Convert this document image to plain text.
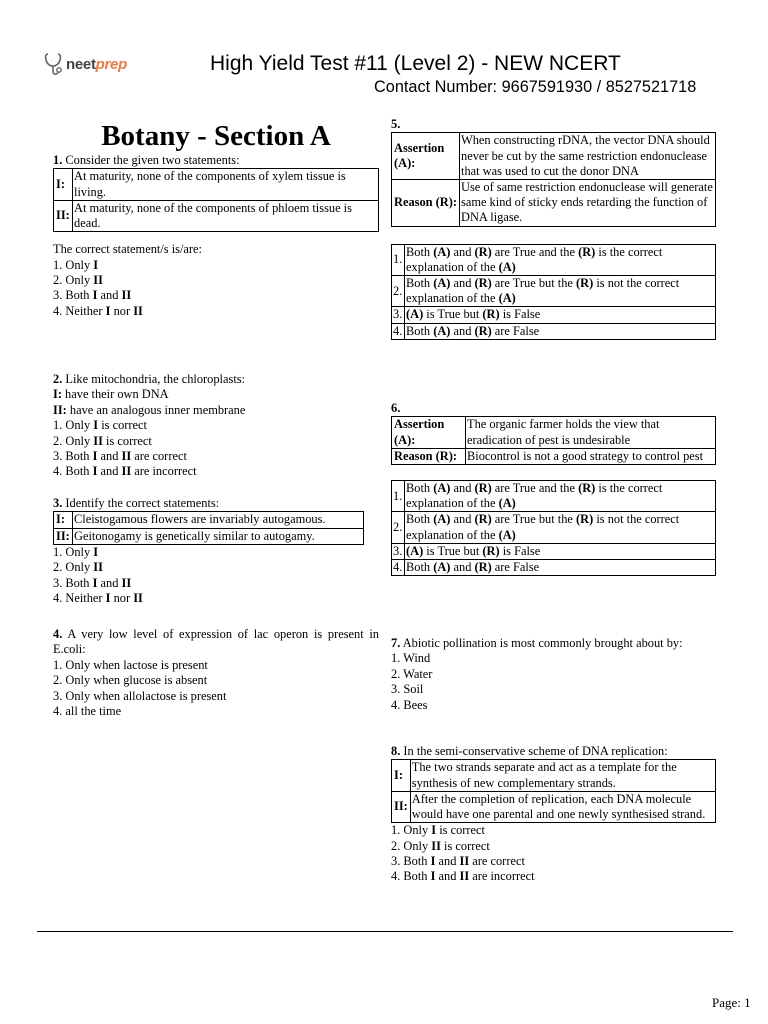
neetprep	High Yield Test #11 (Level 2) - NEW NCERT
Contact Number: 9667591930 / 8527521718
Botany - Section A
1. Consider the given two statements:
I:	At maturity, none of the components of xylem tissue is living.
II:	At maturity, none of the components of phloem tissue is dead.
The correct statement/s is/are:
1. Only I
2. Only II
3. Both I and II
4. Neither I nor II
2. Like mitochondria, the chloroplasts:
I: have their own DNA
II: have an analogous inner membrane
1. Only I is correct
2. Only II is correct
3. Both I and II are correct
4. Both I and II are incorrect
3. Identify the correct statements:
I:	Cleistogamous flowers are invariably autogamous.
II:	Geitonogamy is genetically similar to autogamy.
1. Only I
2. Only II
3. Both I and II
4. Neither I nor II
4. A very low level of expression of lac operon is present in E.coli:
1. Only when lactose is present
2. Only when glucose is absent
3. Only when allolactose is present
4. all the time
5.
Assertion (A):	When constructing rDNA, the vector DNA should never be cut by the same restriction endonuclease that was used to cut the donor DNA
Reason (R):	Use of same restriction endonuclease will generate same kind of sticky ends retarding the function of DNA ligase.
1.	Both (A) and (R) are True and the (R) is the correct explanation of the (A)
2.	Both (A) and (R) are True but the (R) is not the correct explanation of the (A)
3.	(A) is True but (R) is False
4.	Both (A) and (R) are False
6.
Assertion (A):	The organic farmer holds the view that eradication of pest is undesirable
Reason (R):	Biocontrol is not a good strategy to control pest
1.	Both (A) and (R) are True and the (R) is the correct explanation of the (A)
2.	Both (A) and (R) are True but the (R) is not the correct explanation of the (A)
3.	(A) is True but (R) is False
4.	Both (A) and (R) are False
7. Abiotic pollination is most commonly brought about by:
1. Wind
2. Water
3. Soil
4. Bees
8. In the semi-conservative scheme of DNA replication:
I:	The two strands separate and act as a template for the synthesis of new complementary strands.
II:	After the completion of replication, each DNA molecule would have one parental and one newly synthesised strand.
1. Only I is correct
2. Only II is correct
3. Both I and II are correct
4. Both I and II are incorrect
Page: 1
